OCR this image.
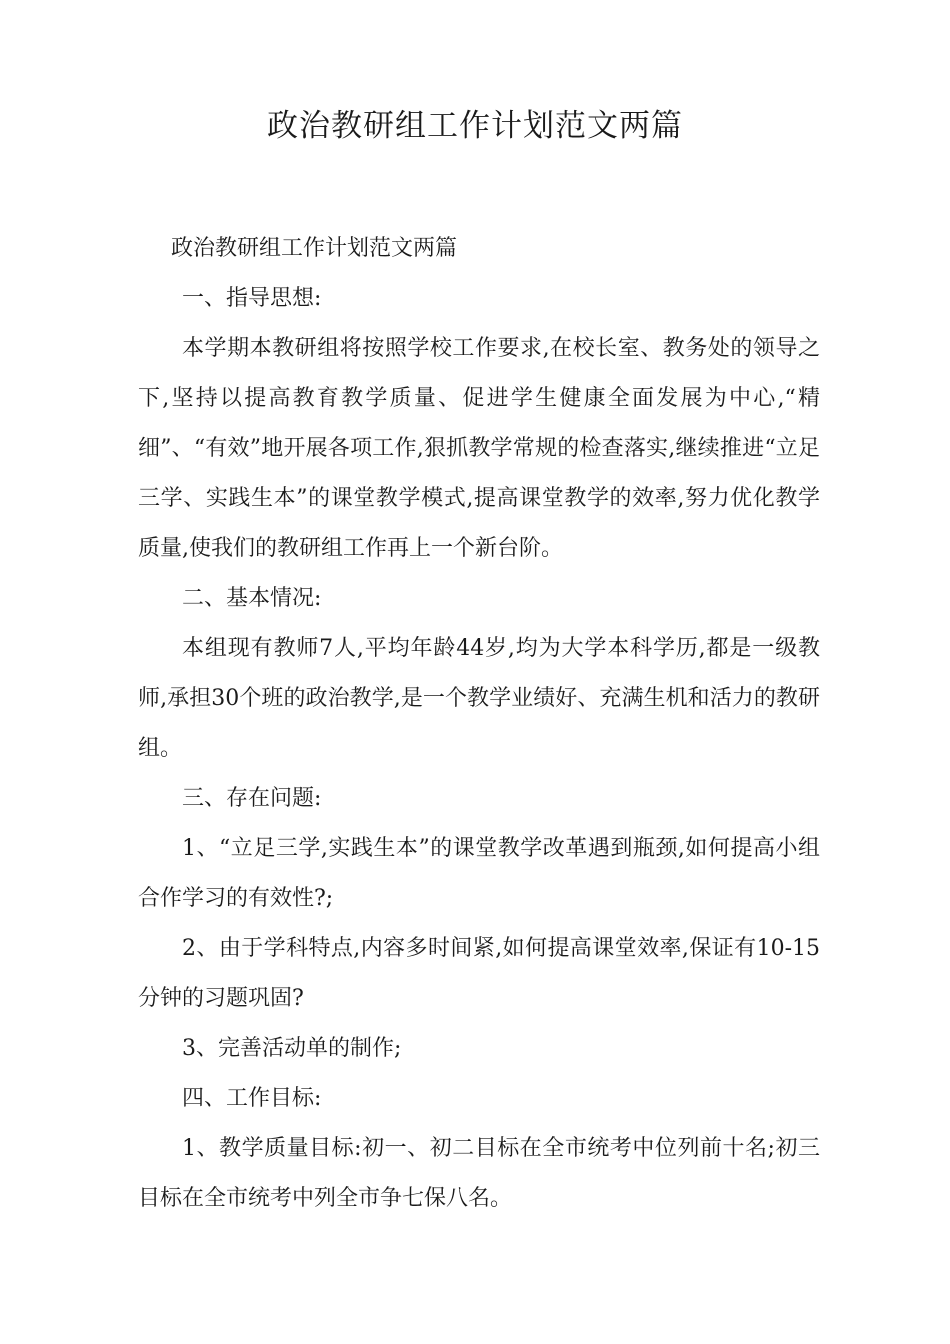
政治教研组工作计划范文两篇

政治教研组工作计划范文两篇

一、指导思想:

本学期本教研组将按照学校工作要求,在校长室、教务处的领导之下,坚持以提高教育教学质量、促进学生健康全面发展为中心,“精细”、“有效”地开展各项工作,狠抓教学常规的检查落实,继续推进“立足三学、实践生本”的课堂教学模式,提高课堂教学的效率,努力优化教学质量,使我们的教研组工作再上一个新台阶。

二、基本情况:

本组现有教师7人,平均年龄44岁,均为大学本科学历,都是一级教师,承担30个班的政治教学,是一个教学业绩好、充满生机和活力的教研组。

三、存在问题:

1、“立足三学,实践生本”的课堂教学改革遇到瓶颈,如何提高小组合作学习的有效性?;

2、由于学科特点,内容多时间紧,如何提高课堂效率,保证有10-15分钟的习题巩固?

3、完善活动单的制作;

四、工作目标:

1、教学质量目标:初一、初二目标在全市统考中位列前十名;初三目标在全市统考中列全市争七保八名。
